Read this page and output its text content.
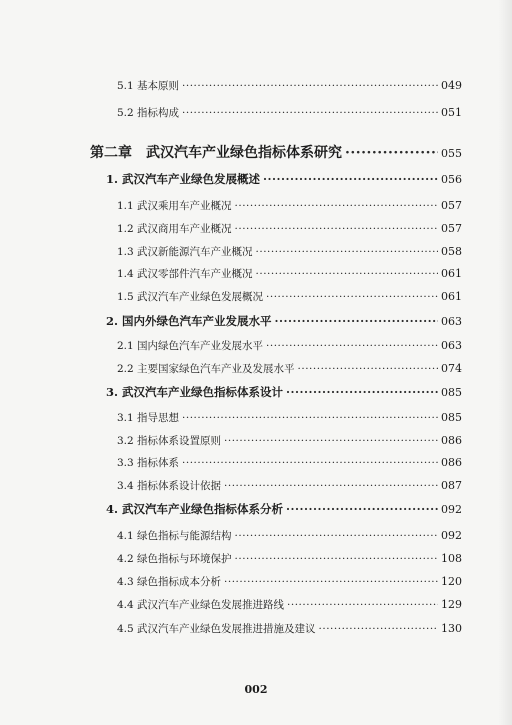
5.1 基本原则 ·····	049
5.2 指标构成 ·····	051
第二章　武汉汽车产业绿色指标体系研究 ·····	055
1. 武汉汽车产业绿色发展概述 ·····	056
1.1 武汉乘用车产业概况 ·····	057
1.2 武汉商用车产业概况 ·····	057
1.3 武汉新能源汽车产业概况 ·····	058
1.4 武汉零部件汽车产业概况 ·····	061
1.5 武汉汽车产业绿色发展概况 ·····	061
2. 国内外绿色汽车产业发展水平 ·····	063
2.1 国内绿色汽车产业发展水平 ·····	063
2.2 主要国家绿色汽车产业及发展水平 ·····	074
3. 武汉汽车产业绿色指标体系设计 ·····	085
3.1 指导思想 ·····	085
3.2 指标体系设置原则 ·····	086
3.3 指标体系 ·····	086
3.4 指标体系设计依据 ·····	087
4. 武汉汽车产业绿色指标体系分析 ·····	092
4.1 绿色指标与能源结构 ·····	092
4.2 绿色指标与环境保护 ·····	108
4.3 绿色指标成本分析 ·····	120
4.4 武汉汽车产业绿色发展推进路线 ·····	129
4.5 武汉汽车产业绿色发展推进措施及建议 ·····	130
002
